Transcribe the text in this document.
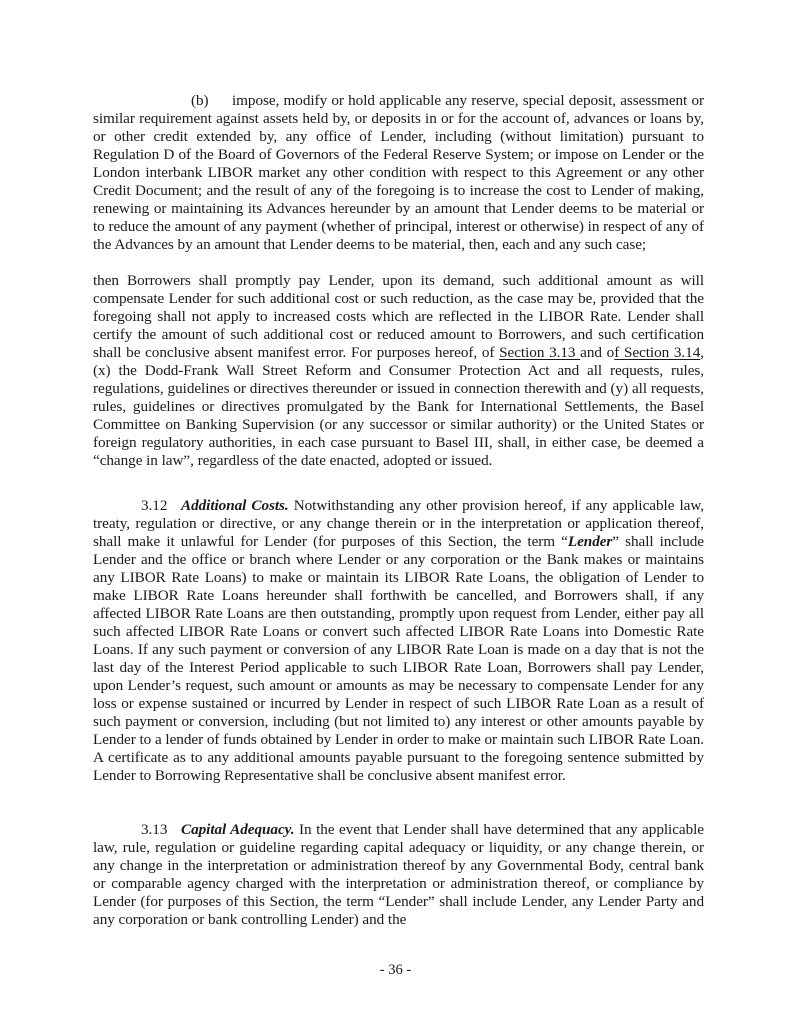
(b) impose, modify or hold applicable any reserve, special deposit, assessment or similar requirement against assets held by, or deposits in or for the account of, advances or loans by, or other credit extended by, any office of Lender, including (without limitation) pursuant to Regulation D of the Board of Governors of the Federal Reserve System; or impose on Lender or the London interbank LIBOR market any other condition with respect to this Agreement or any other Credit Document; and the result of any of the foregoing is to increase the cost to Lender of making, renewing or maintaining its Advances hereunder by an amount that Lender deems to be material or to reduce the amount of any payment (whether of principal, interest or otherwise) in respect of any of the Advances by an amount that Lender deems to be material, then, each and any such case;

then Borrowers shall promptly pay Lender, upon its demand, such additional amount as will compensate Lender for such additional cost or such reduction, as the case may be, provided that the foregoing shall not apply to increased costs which are reflected in the LIBOR Rate. Lender shall certify the amount of such additional cost or reduced amount to Borrowers, and such certification shall be conclusive absent manifest error. For purposes hereof, of Section 3.13 and of Section 3.14, (x) the Dodd-Frank Wall Street Reform and Consumer Protection Act and all requests, rules, regulations, guidelines or directives thereunder or issued in connection therewith and (y) all requests, rules, guidelines or directives promulgated by the Bank for International Settlements, the Basel Committee on Banking Supervision (or any successor or similar authority) or the United States or foreign regulatory authorities, in each case pursuant to Basel III, shall, in either case, be deemed a “change in law”, regardless of the date enacted, adopted or issued.

3.12 Additional Costs. Notwithstanding any other provision hereof, if any applicable law, treaty, regulation or directive, or any change therein or in the interpretation or application thereof, shall make it unlawful for Lender (for purposes of this Section, the term “Lender” shall include Lender and the office or branch where Lender or any corporation or the Bank makes or maintains any LIBOR Rate Loans) to make or maintain its LIBOR Rate Loans, the obligation of Lender to make LIBOR Rate Loans hereunder shall forthwith be cancelled, and Borrowers shall, if any affected LIBOR Rate Loans are then outstanding, promptly upon request from Lender, either pay all such affected LIBOR Rate Loans or convert such affected LIBOR Rate Loans into Domestic Rate Loans. If any such payment or conversion of any LIBOR Rate Loan is made on a day that is not the last day of the Interest Period applicable to such LIBOR Rate Loan, Borrowers shall pay Lender, upon Lender’s request, such amount or amounts as may be necessary to compensate Lender for any loss or expense sustained or incurred by Lender in respect of such LIBOR Rate Loan as a result of such payment or conversion, including (but not limited to) any interest or other amounts payable by Lender to a lender of funds obtained by Lender in order to make or maintain such LIBOR Rate Loan. A certificate as to any additional amounts payable pursuant to the foregoing sentence submitted by Lender to Borrowing Representative shall be conclusive absent manifest error.

3.13 Capital Adequacy. In the event that Lender shall have determined that any applicable law, rule, regulation or guideline regarding capital adequacy or liquidity, or any change therein, or any change in the interpretation or administration thereof by any Governmental Body, central bank or comparable agency charged with the interpretation or administration thereof, or compliance by Lender (for purposes of this Section, the term “Lender” shall include Lender, any Lender Party and any corporation or bank controlling Lender) and the

- 36 -
